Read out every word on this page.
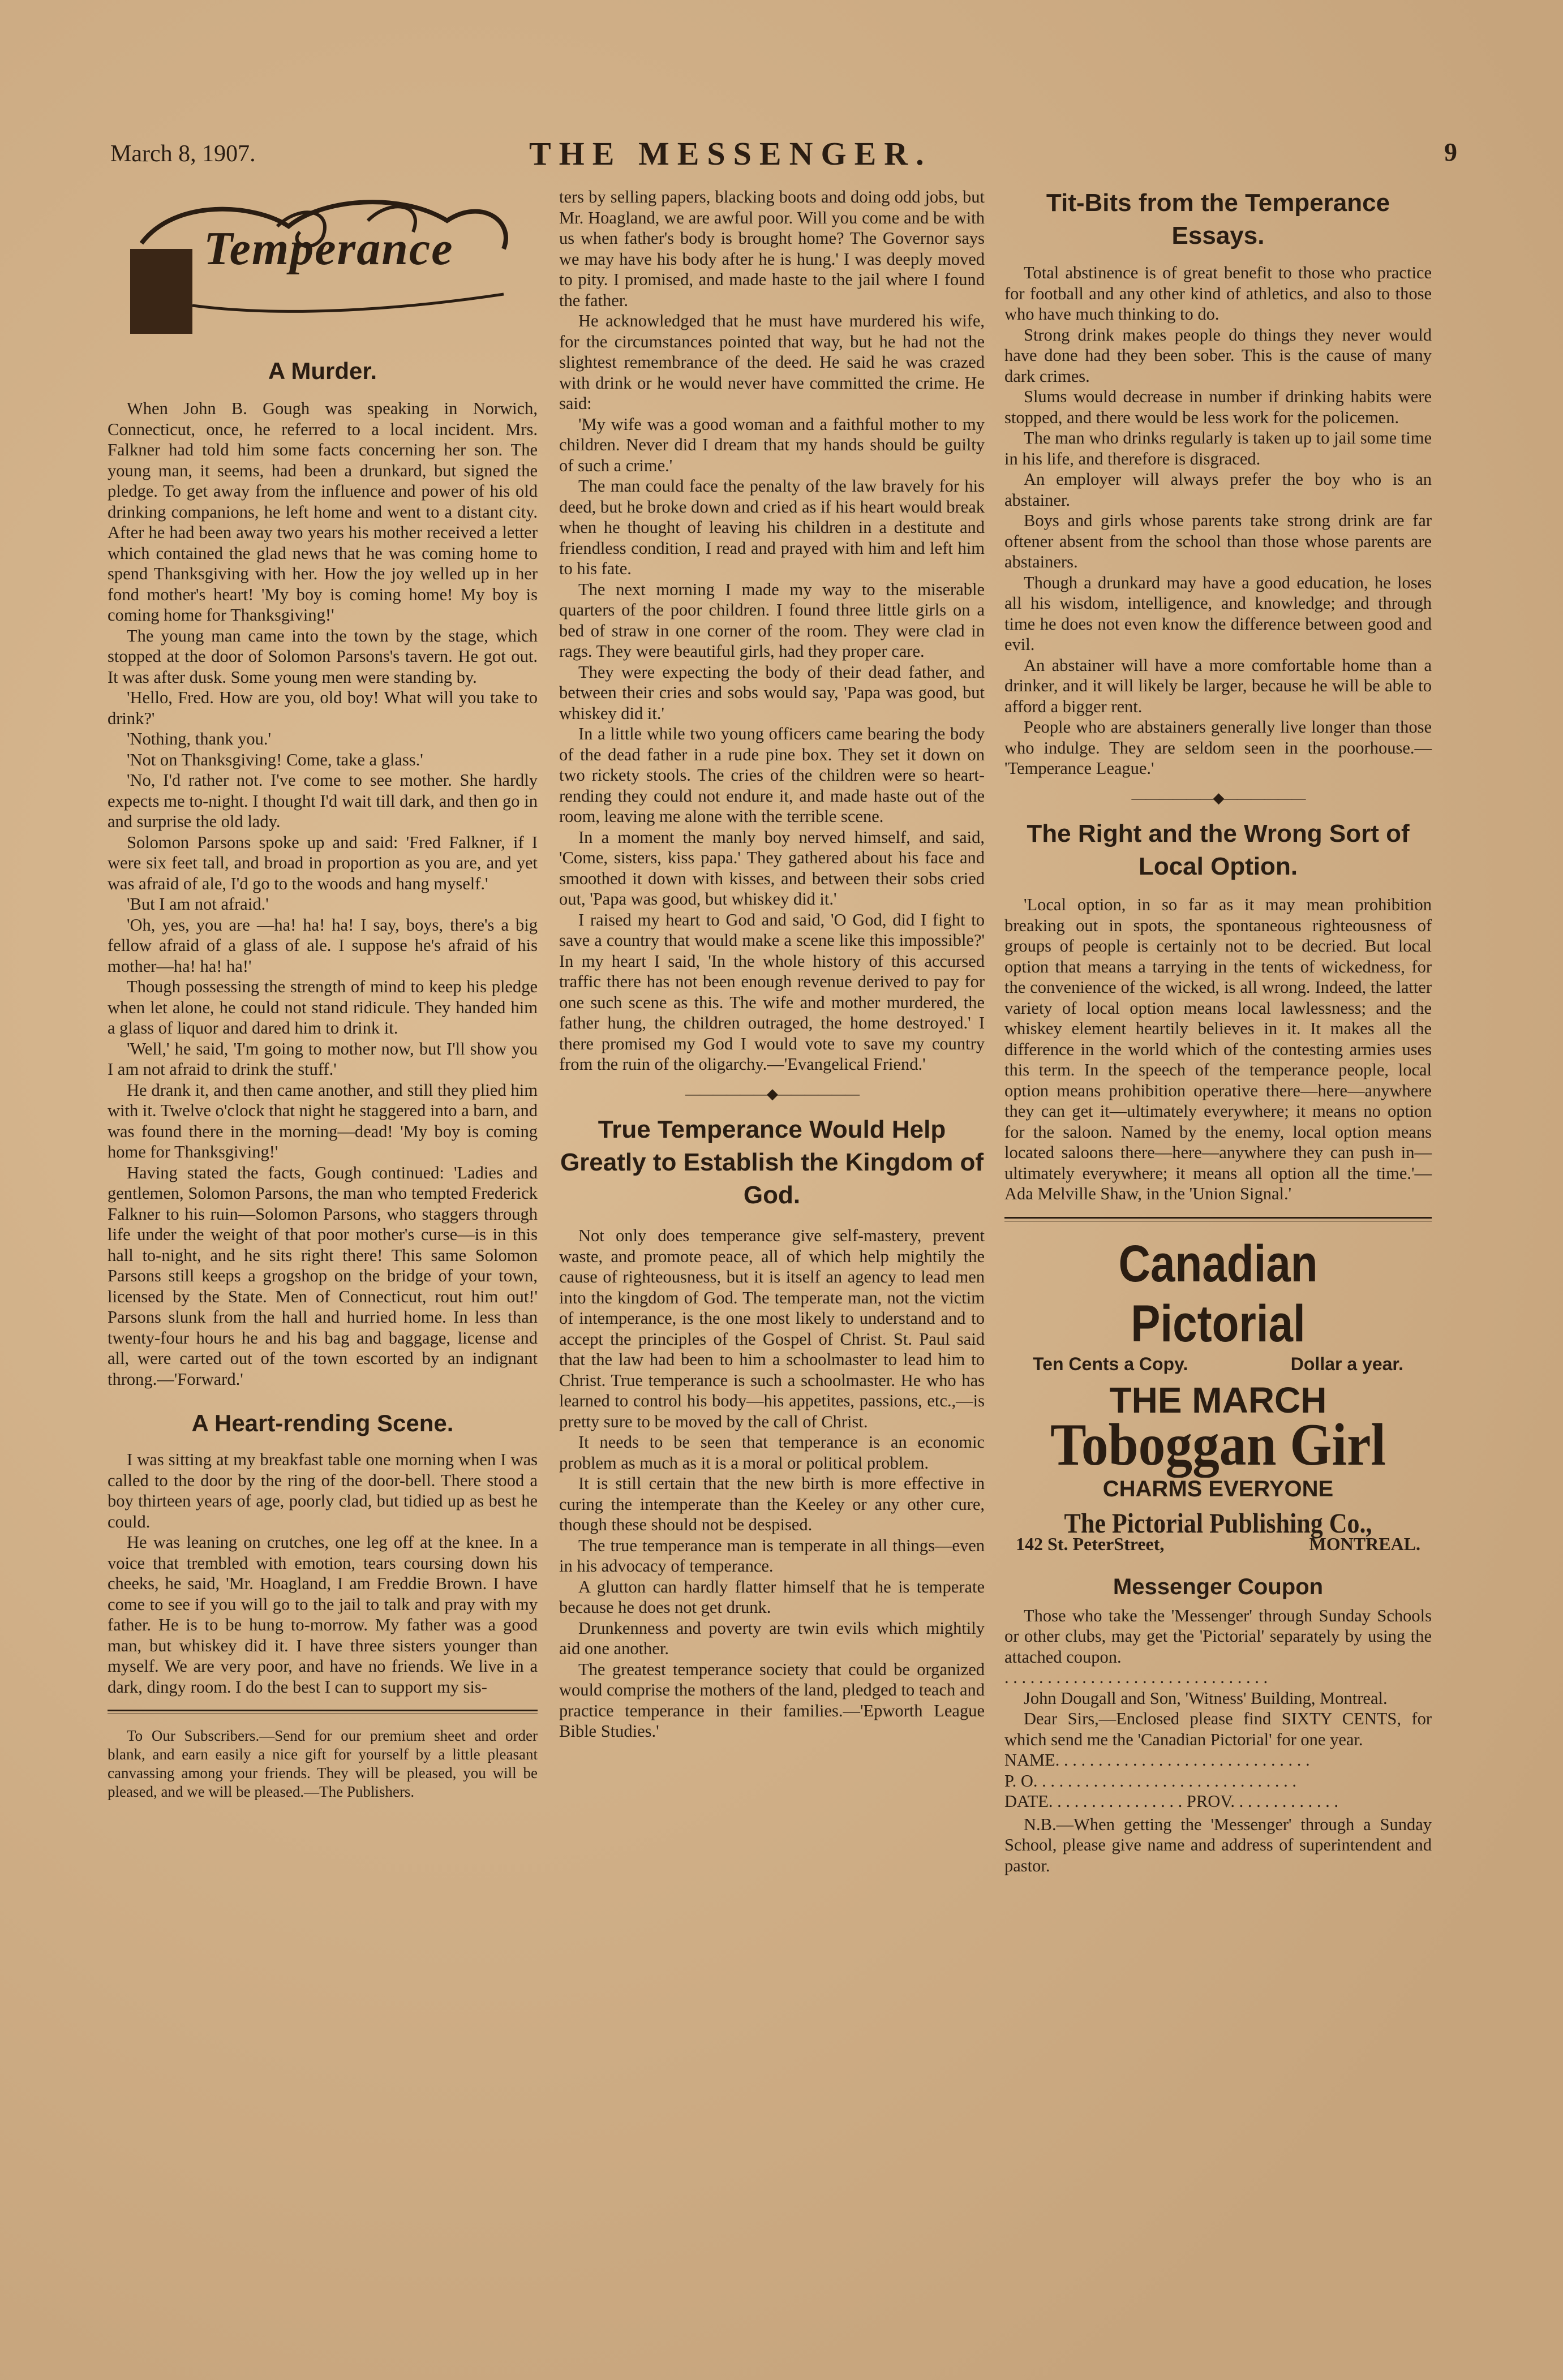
March 8, 1907.	THE MESSENGER.	9
Temperance
A Murder.

When John B. Gough was speaking in Norwich, Connecticut, once, he referred to a local incident. Mrs. Falkner had told him some facts concerning her son. The young man, it seems, had been a drunkard, but signed the pledge. To get away from the influence and power of his old drinking companions, he left home and went to a distant city. After he had been away two years his mother received a letter which contained the glad news that he was coming home to spend Thanksgiving with her. How the joy welled up in her fond mother's heart! 'My boy is coming home! My boy is coming home for Thanksgiving!'

The young man came into the town by the stage, which stopped at the door of Solomon Parsons's tavern. He got out. It was after dusk. Some young men were standing by.

'Hello, Fred. How are you, old boy! What will you take to drink?'

'Nothing, thank you.'

'Not on Thanksgiving! Come, take a glass.'

'No, I'd rather not. I've come to see mother. She hardly expects me to-night. I thought I'd wait till dark, and then go in and surprise the old lady.

Solomon Parsons spoke up and said: 'Fred Falkner, if I were six feet tall, and broad in proportion as you are, and yet was afraid of ale, I'd go to the woods and hang myself.'

'But I am not afraid.'

'Oh, yes, you are —ha! ha! ha! I say, boys, there's a big fellow afraid of a glass of ale. I suppose he's afraid of his mother—ha! ha! ha!'

Though possessing the strength of mind to keep his pledge when let alone, he could not stand ridicule. They handed him a glass of liquor and dared him to drink it.

'Well,' he said, 'I'm going to mother now, but I'll show you I am not afraid to drink the stuff.'

He drank it, and then came another, and still they plied him with it. Twelve o'clock that night he staggered into a barn, and was found there in the morning—dead! 'My boy is coming home for Thanksgiving!'

Having stated the facts, Gough continued: 'Ladies and gentlemen, Solomon Parsons, the man who tempted Frederick Falkner to his ruin—Solomon Parsons, who staggers through life under the weight of that poor mother's curse—is in this hall to-night, and he sits right there! This same Solomon Parsons still keeps a grogshop on the bridge of your town, licensed by the State. Men of Connecticut, rout him out!' Parsons slunk from the hall and hurried home. In less than twenty-four hours he and his bag and baggage, license and all, were carted out of the town escorted by an indignant throng.—'Forward.'

A Heart-rending Scene.

I was sitting at my breakfast table one morning when I was called to the door by the ring of the door-bell. There stood a boy thirteen years of age, poorly clad, but tidied up as best he could.

He was leaning on crutches, one leg off at the knee. In a voice that trembled with emotion, tears coursing down his cheeks, he said, 'Mr. Hoagland, I am Freddie Brown. I have come to see if you will go to the jail to talk and pray with my father. He is to be hung to-morrow. My father was a good man, but whiskey did it. I have three sisters younger than myself. We are very poor, and have no friends. We live in a dark, dingy room. I do the best I can to support my sis-

To Our Subscribers.—Send for our premium sheet and order blank, and earn easily a nice gift for yourself by a little pleasant canvassing among your friends. They will be pleased, you will be pleased, and we will be pleased.—The Publishers.

ters by selling papers, blacking boots and doing odd jobs, but Mr. Hoagland, we are awful poor. Will you come and be with us when father's body is brought home? The Governor says we may have his body after he is hung.' I was deeply moved to pity. I promised, and made haste to the jail where I found the father.

He acknowledged that he must have murdered his wife, for the circumstances pointed that way, but he had not the slightest remembrance of the deed. He said he was crazed with drink or he would never have committed the crime. He said:

'My wife was a good woman and a faithful mother to my children. Never did I dream that my hands should be guilty of such a crime.'

The man could face the penalty of the law bravely for his deed, but he broke down and cried as if his heart would break when he thought of leaving his children in a destitute and friendless condition, I read and prayed with him and left him to his fate.

The next morning I made my way to the miserable quarters of the poor children. I found three little girls on a bed of straw in one corner of the room. They were clad in rags. They were beautiful girls, had they proper care.

They were expecting the body of their dead father, and between their cries and sobs would say, 'Papa was good, but whiskey did it.'

In a little while two young officers came bearing the body of the dead father in a rude pine box. They set it down on two rickety stools. The cries of the children were so heart-rending they could not endure it, and made haste out of the room, leaving me alone with the terrible scene.

In a moment the manly boy nerved himself, and said, 'Come, sisters, kiss papa.' They gathered about his face and smoothed it down with kisses, and between their sobs cried out, 'Papa was good, but whiskey did it.'

I raised my heart to God and said, 'O God, did I fight to save a country that would make a scene like this impossible?' In my heart I said, 'In the whole history of this accursed traffic there has not been enough revenue derived to pay for one such scene as this. The wife and mother murdered, the father hung, the children outraged, the home destroyed.' I there promised my God I would vote to save my country from the ruin of the oligarchy.—'Evangelical Friend.'

——————◆——————
True Temperance Would Help Greatly to Establish the Kingdom of God.

Not only does temperance give self-mastery, prevent waste, and promote peace, all of which help mightily the cause of righteousness, but it is itself an agency to lead men into the kingdom of God. The temperate man, not the victim of intemperance, is the one most likely to understand and to accept the principles of the Gospel of Christ. St. Paul said that the law had been to him a schoolmaster to lead him to Christ. True temperance is such a schoolmaster. He who has learned to control his body—his appetites, passions, etc.,—is pretty sure to be moved by the call of Christ.

It needs to be seen that temperance is an economic problem as much as it is a moral or political problem.

It is still certain that the new birth is more effective in curing the intemperate than the Keeley or any other cure, though these should not be despised.

The true temperance man is temperate in all things—even in his advocacy of temperance.

A glutton can hardly flatter himself that he is temperate because he does not get drunk.

Drunkenness and poverty are twin evils which mightily aid one another.

The greatest temperance society that could be organized would comprise the mothers of the land, pledged to teach and practice temperance in their families.—'Epworth League Bible Studies.'

Tit-Bits from the Temperance Essays.

Total abstinence is of great benefit to those who practice for football and any other kind of athletics, and also to those who have much thinking to do.

Strong drink makes people do things they never would have done had they been sober. This is the cause of many dark crimes.

Slums would decrease in number if drinking habits were stopped, and there would be less work for the policemen.

The man who drinks regularly is taken up to jail some time in his life, and therefore is disgraced.

An employer will always prefer the boy who is an abstainer.

Boys and girls whose parents take strong drink are far oftener absent from the school than those whose parents are abstainers.

Though a drunkard may have a good education, he loses all his wisdom, intelligence, and knowledge; and through time he does not even know the difference between good and evil.

An abstainer will have a more comfortable home than a drinker, and it will likely be larger, because he will be able to afford a bigger rent.

People who are abstainers generally live longer than those who indulge. They are seldom seen in the poorhouse.— 'Temperance League.'

——————◆——————
The Right and the Wrong Sort of Local Option.

'Local option, in so far as it may mean prohibition breaking out in spots, the spontaneous righteousness of groups of people is certainly not to be decried. But local option that means a tarrying in the tents of wickedness, for the convenience of the wicked, is all wrong. Indeed, the latter variety of local option means local lawlessness; and the whiskey element heartily believes in it. It makes all the difference in the world which of the contesting armies uses this term. In the speech of the temperance people, local option means prohibition operative there—here—anywhere they can get it—ultimately everywhere; it means no option for the saloon. Named by the enemy, local option means located saloons there—here—anywhere they can push in—ultimately everywhere; it means all option all the time.'—Ada Melville Shaw, in the 'Union Signal.'

Canadian Pictorial
Ten Cents a Copy.	Dollar a year.
THE MARCH
Toboggan Girl
CHARMS EVERYONE
The Pictorial Publishing Co.,
142 St. PeterStreet,	MONTREAL.
Messenger Coupon

Those who take the 'Messenger' through Sunday Schools or other clubs, may get the 'Pictorial' separately by using the attached coupon.

. . . . . . . . . . . . . . . . . . . . . . . . . . . . . . .

John Dougall and Son, 'Witness' Building, Montreal.

Dear Sirs,—Enclosed please find SIXTY CENTS, for which send me the 'Canadian Pictorial' for one year.

NAME. . . . . . . . . . . . . . . . . . . . . . . . . . . . . .

P. O. . . . . . . . . . . . . . . . . . . . . . . . . . . . . . .

DATE. . . . . . . . . . . . . . . . PROV. . . . . . . . . . . . .

N.B.—When getting the 'Messenger' through a Sunday School, please give name and address of superintendent and pastor.
